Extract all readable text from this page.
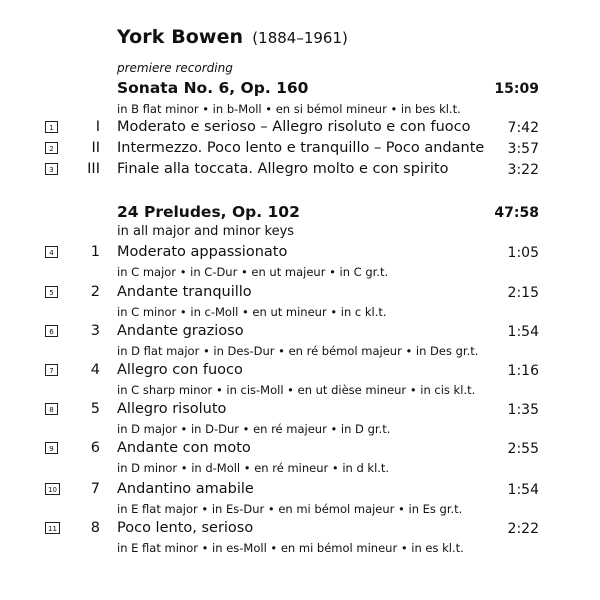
York Bowen (1884–1961)
premiere recording
Sonata No. 6, Op. 160	15:09
in B flat minor • in b-Moll • en si bémol mineur • in bes kl.t.
1	I Moderato e serioso – Allegro risoluto e con fuoco	7:42
2	II Intermezzo. Poco lento e tranquillo – Poco andante 3:57
3	III Finale alla toccata. Allegro molto e con spirito	3:22
24 Preludes, Op. 102	47:58
in all major and minor keys
4	1 Moderato appassionato	1:05
in C major • in C-Dur • en ut majeur • in C gr.t.
5	2 Andante tranquillo	2:15
in C minor • in c-Moll • en ut mineur • in c kl.t.
6	3 Andante grazioso	1:54
in D flat major • in Des-Dur • en ré bémol majeur • in Des gr.t.
7	4 Allegro con fuoco	1:16
in C sharp minor • in cis-Moll • en ut dièse mineur • in cis kl.t.
8	5 Allegro risoluto	1:35
in D major • in D-Dur • en ré majeur • in D gr.t.
9	6 Andante con moto	2:55
in D minor • in d-Moll • en ré mineur • in d kl.t.
10	7 Andantino amabile	1:54
in E flat major • in Es-Dur • en mi bémol majeur • in Es gr.t.
11	8 Poco lento, serioso	2:22
in E flat minor • in es-Moll • en mi bémol mineur • in es kl.t.
